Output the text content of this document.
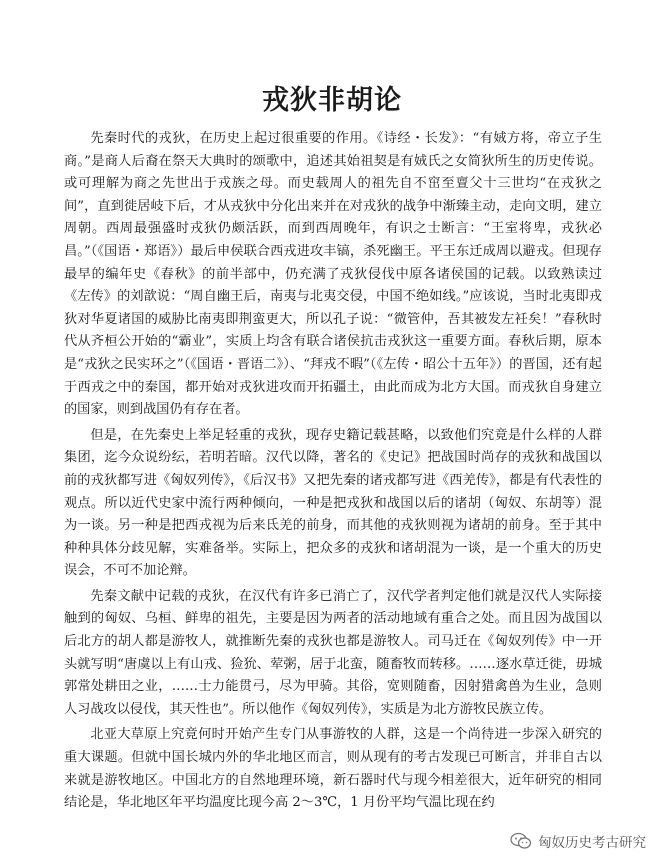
戎狄非胡论

先秦时代的戎狄，在历史上起过很重要的作用。《诗经・长发》：“有娀方将，帝立子生商。”是商人后裔在祭天大典时的颂歌中，追述其始祖契是有娀氏之女简狄所生的历史传说。或可理解为商之先世出于戎族之母。而史载周人的祖先自不窋至亶父十三世均“在戎狄之间”，直到徙居岐下后，才从戎狄中分化出来并在对戎狄的战争中渐臻主动，走向文明，建立周朝。西周最强盛时戎狄仍颇活跃，而到西周晚年，有识之士断言：“王室将卑，戎狄必昌。”（《国语・郑语》）最后申侯联合西戎进攻丰镐，杀死幽王。平王东迁成周以避戎。但现存最早的编年史《春秋》的前半部中，仍充满了戎狄侵伐中原各诸侯国的记载。以致熟读过《左传》的刘歆说：“周自幽王后，南夷与北夷交侵，中国不绝如线。”应该说，当时北夷即戎狄对华夏诸国的威胁比南夷即荆蛮更大，所以孔子说：“微管仲，吾其被发左衽矣！”春秋时代从齐桓公开始的“霸业”，实质上均含有联合诸侯抗击戎狄这一重要方面。春秋后期，原本是“戎狄之民实环之”（《国语・晋语二》）、“拜戎不暇”（《左传・昭公十五年》）的晋国，还有起于西戎之中的秦国，都开始对戎狄进攻而开拓疆土，由此而成为北方大国。而戎狄自身建立的国家，则到战国仍有存在者。

但是，在先秦史上举足轻重的戎狄，现存史籍记载甚略，以致他们究竟是什么样的人群集团，迄今众说纷纭，若明若暗。汉代以降，著名的《史记》把战国时尚存的戎狄和战国以前的戎狄都写进《匈奴列传》，《后汉书》又把先秦的诸戎都写进《西羌传》，都是有代表性的观点。所以近代史家中流行两种倾向，一种是把戎狄和战国以后的诸胡（匈奴、东胡等）混为一谈。另一种是把西戎视为后来氐羌的前身，而其他的戎狄则视为诸胡的前身。至于其中种种具体分歧见解，实难备举。实际上，把众多的戎狄和诸胡混为一谈，是一个重大的历史误会，不可不加论辩。

先秦文献中记载的戎狄，在汉代有许多已消亡了，汉代学者判定他们就是汉代人实际接触到的匈奴、乌桓、鲜卑的祖先，主要是因为两者的活动地域有重合之处。而且因为战国以后北方的胡人都是游牧人，就推断先秦的戎狄也都是游牧人。司马迁在《匈奴列传》中一开头就写明“唐虞以上有山戎、猃狁、荤粥，居于北蛮，随畜牧而转移。……逐水草迁徙，毋城郭常处耕田之业，……士力能贯弓，尽为甲骑。其俗，宽则随畜，因射猎禽兽为生业，急则人习战攻以侵伐，其天性也”。所以他作《匈奴列传》，实质是为北方游牧民族立传。

北亚大草原上究竟何时开始产生专门从事游牧的人群，这是一个尚待进一步深入研究的重大课题。但就中国长城内外的华北地区而言，则从现有的考古发现已可断言，并非自古以来就是游牧地区。中国北方的自然地理环境，新石器时代与现今相差很大，近年研究的相同结论是，华北地区年平均温度比现今高 2～3℃，1 月份平均气温比现在约

匈奴历史考古研究
